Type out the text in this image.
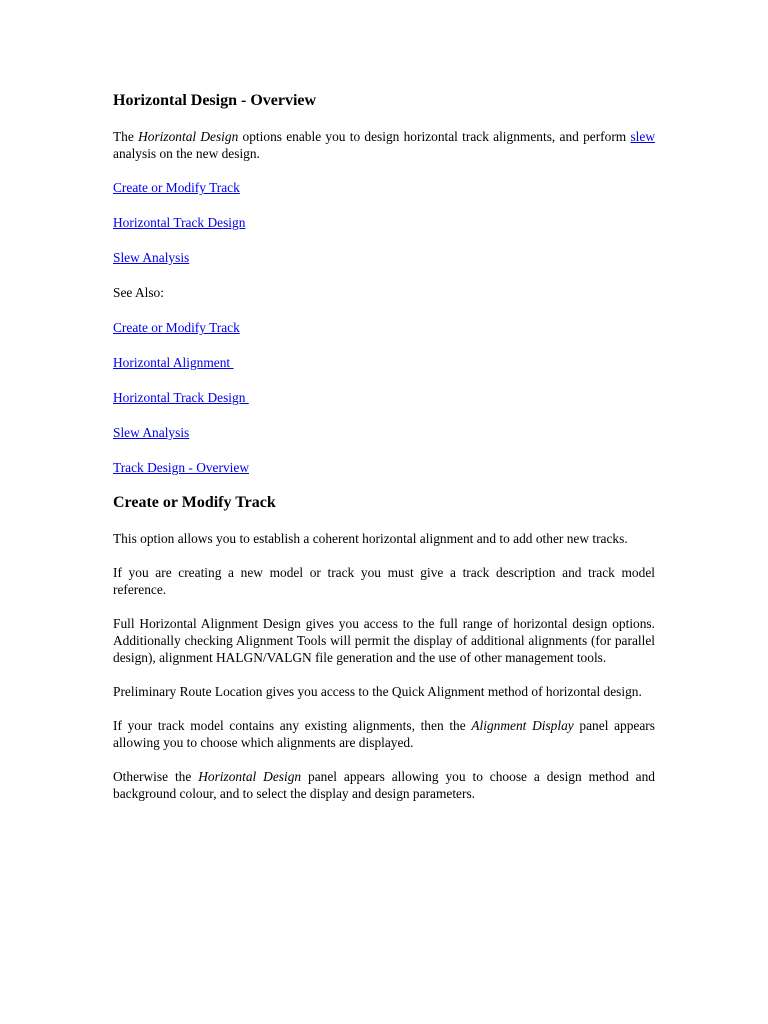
Horizontal Design - Overview

The Horizontal Design options enable you to design horizontal track alignments, and perform slew analysis on the new design.

Create or Modify Track

Horizontal Track Design

Slew Analysis

See Also:

Create or Modify Track

Horizontal Alignment

Horizontal Track Design

Slew Analysis

Track Design - Overview

Create or Modify Track

This option allows you to establish a coherent horizontal alignment and to add other new tracks.

If you are creating a new model or track you must give a track description and track model reference.

Full Horizontal Alignment Design gives you access to the full range of horizontal design options. Additionally checking Alignment Tools will permit the display of additional alignments (for parallel design), alignment HALGN/VALGN file generation and the use of other management tools.

Preliminary Route Location gives you access to the Quick Alignment method of horizontal design.

If your track model contains any existing alignments, then the Alignment Display panel appears allowing you to choose which alignments are displayed.

Otherwise the Horizontal Design panel appears allowing you to choose a design method and background colour, and to select the display and design parameters.
